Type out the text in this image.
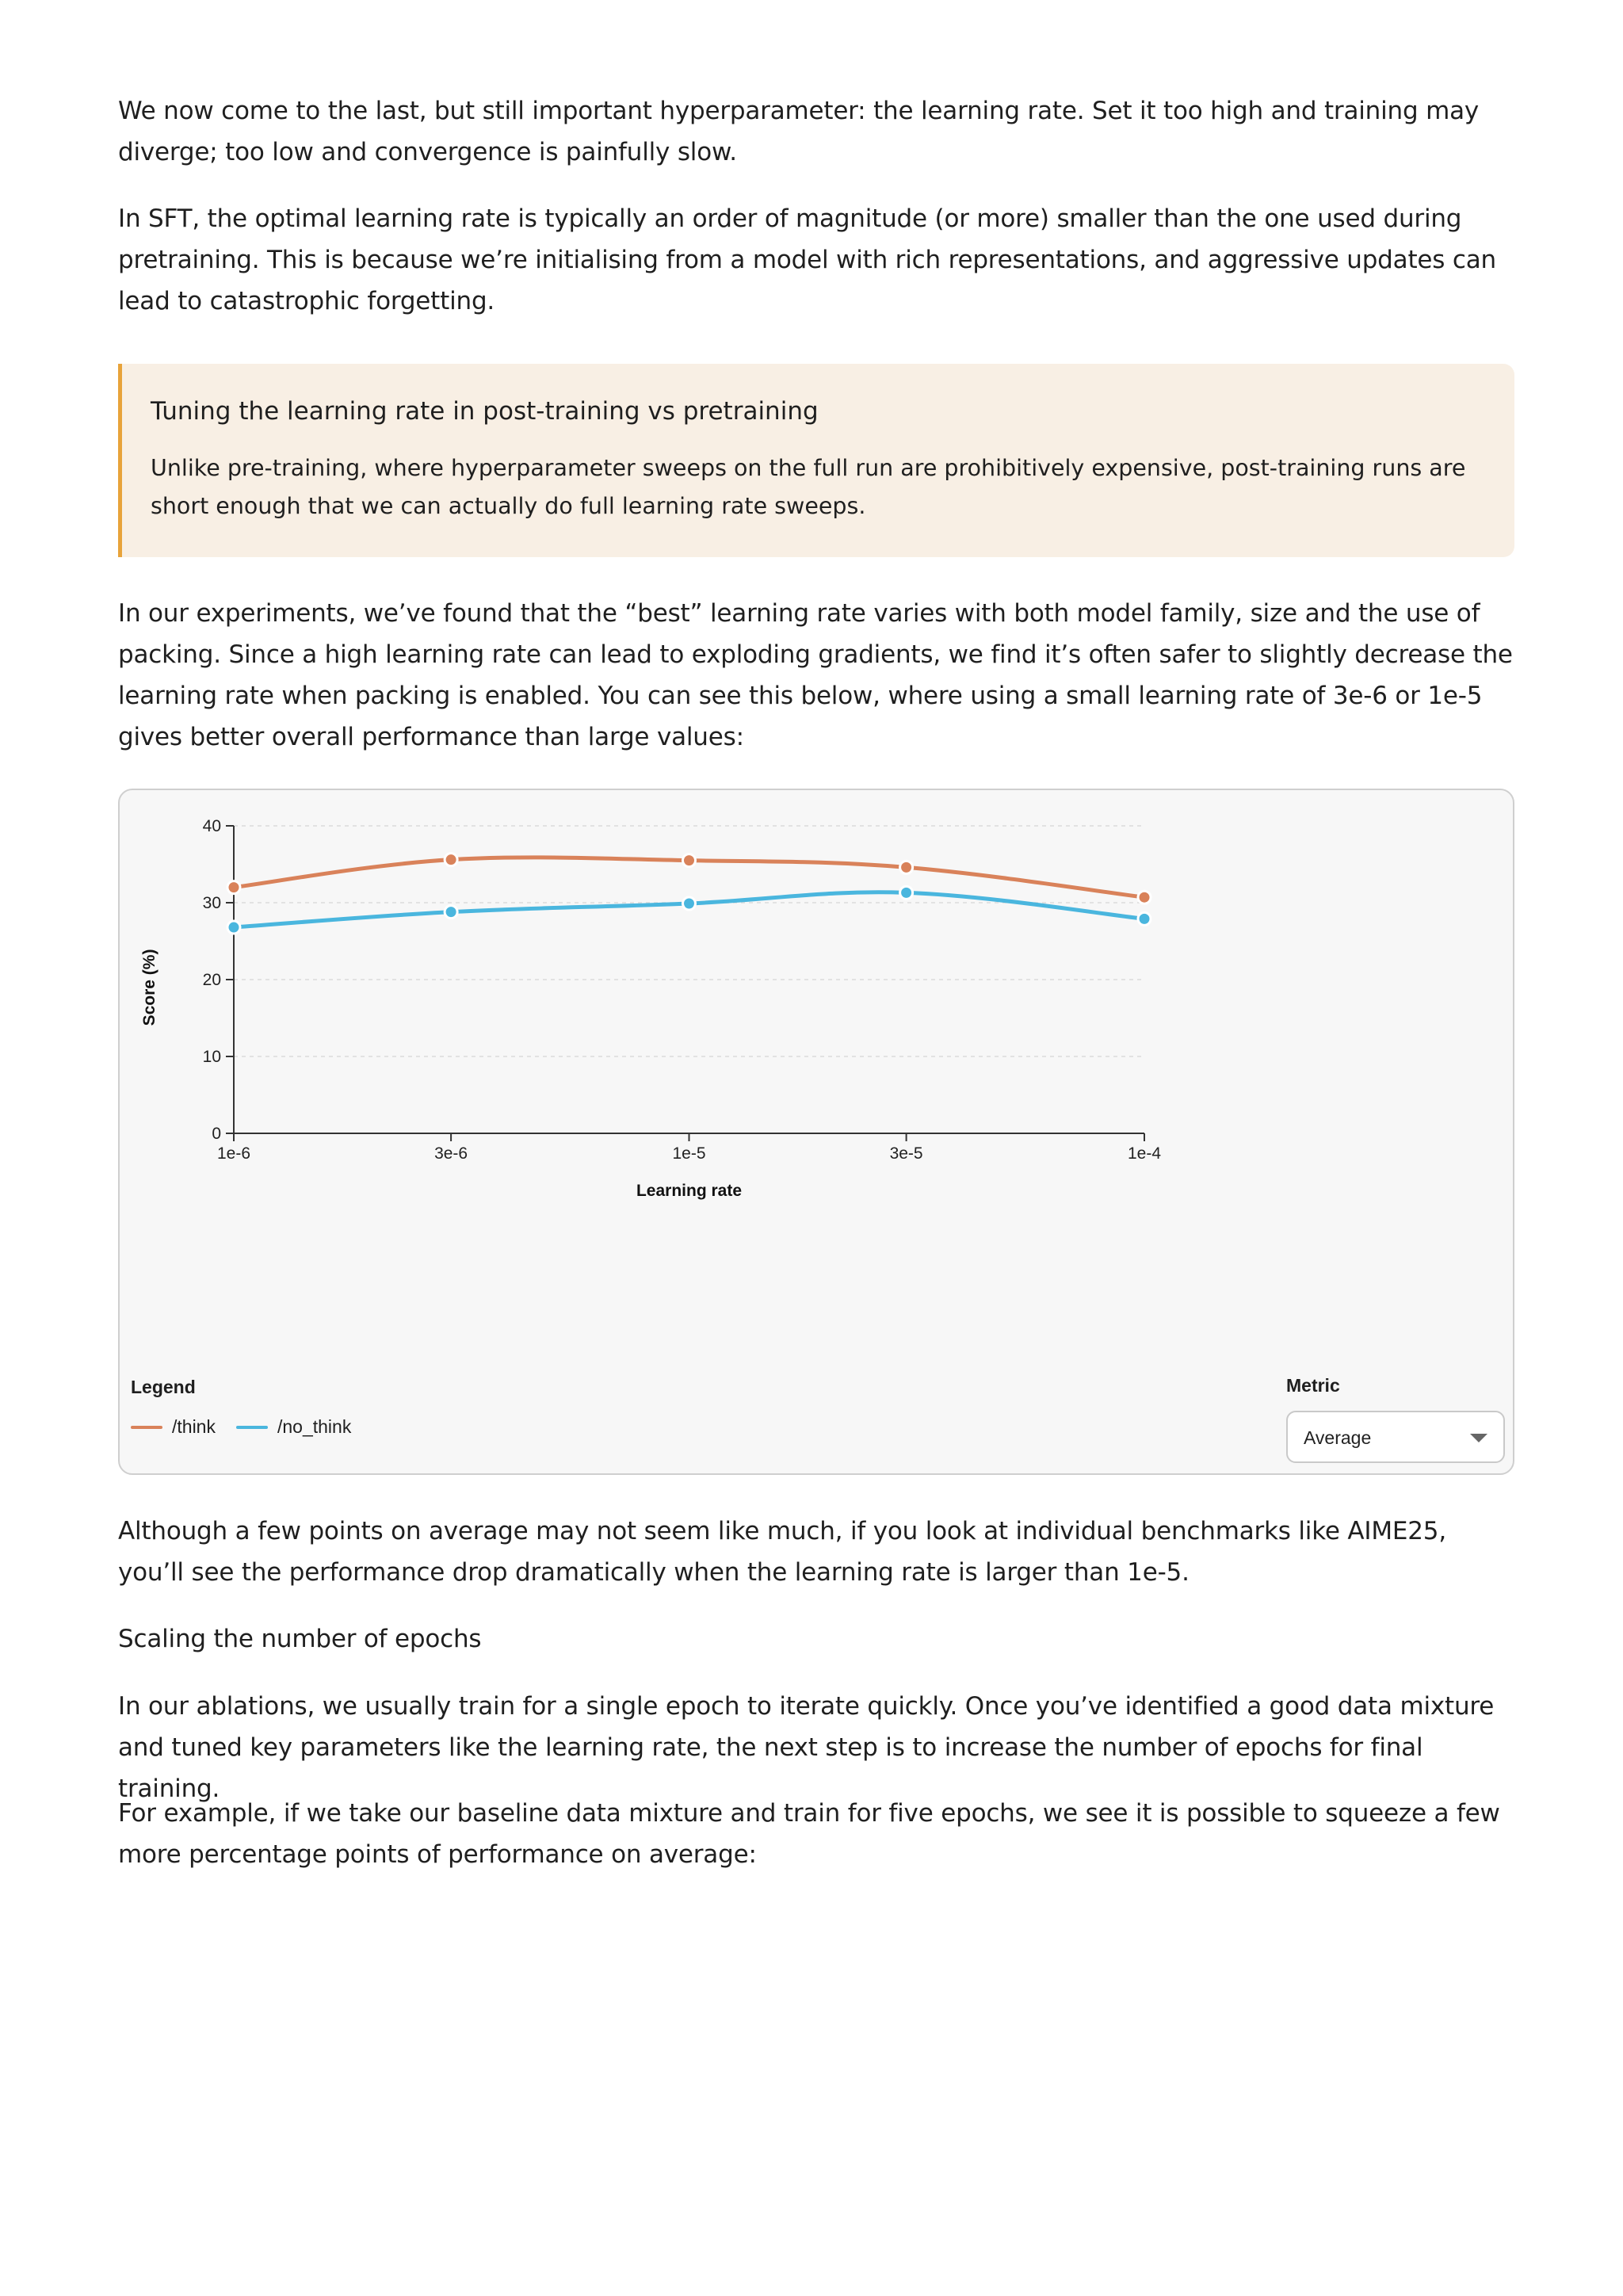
We now come to the last, but still important hyperparameter: the learning rate. Set it too high and training may diverge; too low and convergence is painfully slow.

In SFT, the optimal learning rate is typically an order of magnitude (or more) smaller than the one used during pretraining. This is because we’re initialising from a model with rich representations, and aggressive updates can lead to catastrophic forgetting.

Tuning the learning rate in post-training vs pretraining
Unlike pre-training, where hyperparameter sweeps on the full run are prohibitively expensive, post-training runs are short enough that we can actually do full learning rate sweeps.

In our experiments, we’ve found that the “best” learning rate varies with both model family, size and the use of packing. Since a high learning rate can lead to exploding gradients, we find it’s often safer to slightly decrease the learning rate when packing is enabled. You can see this below, where using a small learning rate of 3e-6 or 1e-5 gives better overall performance than large values:

0
10
20
30
40
1e-6	3e-6	1e-5	3e-5	1e-4
Learning rate
Score (%)
Legend
/think	/no_think
Metric
Average

Although a few points on average may not seem like much, if you look at individual benchmarks like AIME25, you’ll see the performance drop dramatically when the learning rate is larger than 1e-5.

Scaling the number of epochs

In our ablations, we usually train for a single epoch to iterate quickly. Once you’ve identified a good data mixture and tuned key parameters like the learning rate, the next step is to increase the number of epochs for final training.

For example, if we take our baseline data mixture and train for five epochs, we see it is possible to squeeze a few more percentage points of performance on average:
